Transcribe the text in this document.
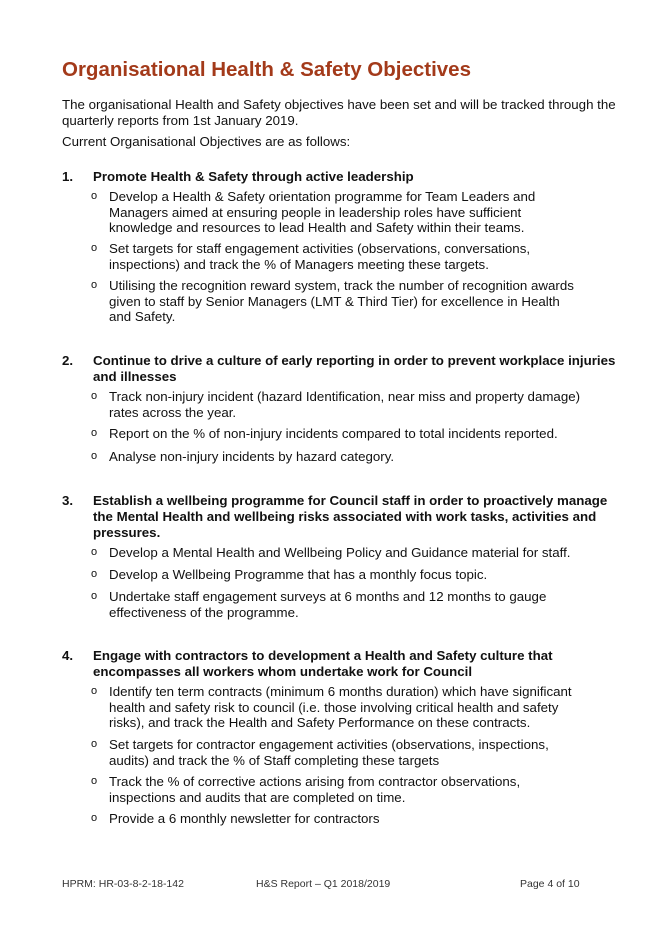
Organisational Health & Safety Objectives

The organisational Health and Safety objectives have been set and will be tracked through the quarterly reports from 1st January 2019.

Current Organisational Objectives are as follows:

1. Promote Health & Safety through active leadership
o Develop a Health & Safety orientation programme for Team Leaders and Managers aimed at ensuring people in leadership roles have sufficient knowledge and resources to lead Health and Safety within their teams.
o Set targets for staff engagement activities (observations, conversations, inspections) and track the % of Managers meeting these targets.
o Utilising the recognition reward system, track the number of recognition awards given to staff by Senior Managers (LMT & Third Tier) for excellence in Health and Safety.
2. Continue to drive a culture of early reporting in order to prevent workplace injuries and illnesses
o Track non-injury incident (hazard Identification, near miss and property damage) rates across the year.
o Report on the % of non-injury incidents compared to total incidents reported.
o Analyse non-injury incidents by hazard category.
3. Establish a wellbeing programme for Council staff in order to proactively manage the Mental Health and wellbeing risks associated with work tasks, activities and pressures.
o Develop a Mental Health and Wellbeing Policy and Guidance material for staff.
o Develop a Wellbeing Programme that has a monthly focus topic.
o Undertake staff engagement surveys at 6 months and 12 months to gauge effectiveness of the programme.
4. Engage with contractors to development a Health and Safety culture that encompasses all workers whom undertake work for Council
o Identify ten term contracts (minimum 6 months duration) which have significant health and safety risk to council (i.e. those involving critical health and safety risks), and track the Health and Safety Performance on these contracts.
o Set targets for contractor engagement activities (observations, inspections, audits) and track the % of Staff completing these targets
o Track the % of corrective actions arising from contractor observations, inspections and audits that are completed on time.
o Provide a 6 monthly newsletter for contractors
HPRM: HR-03-8-2-18-142	H&S Report – Q1 2018/2019	Page 4 of 10
